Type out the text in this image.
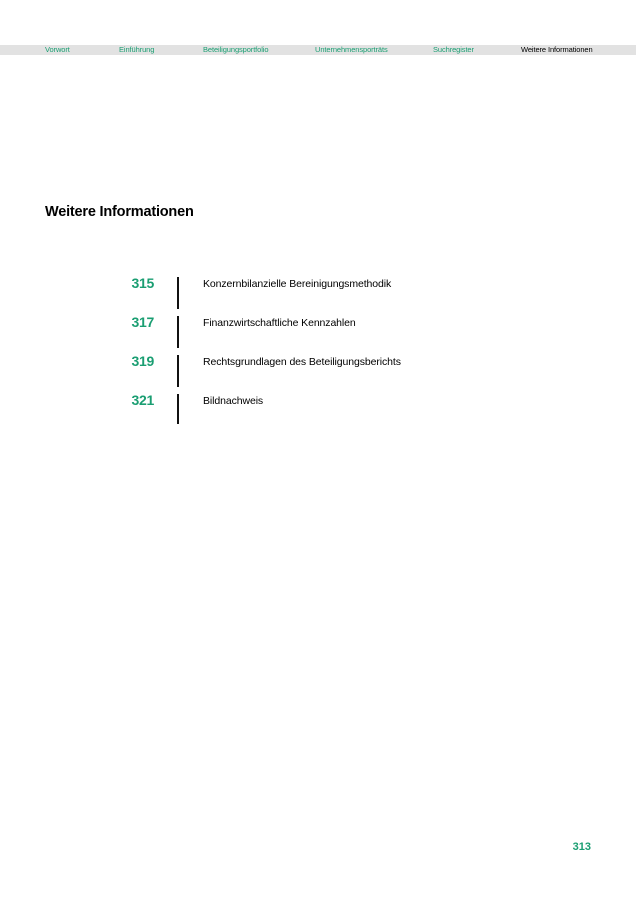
Vorwort	Einführung	Beteiligungsportfolio	Unternehmensporträts	Suchregister	Weitere Informationen
Weitere Informationen
315	Konzernbilanzielle Bereinigungsmethodik
317	Finanzwirtschaftliche Kennzahlen
319	Rechtsgrundlagen des Beteiligungsberichts
321	Bildnachweis
313
